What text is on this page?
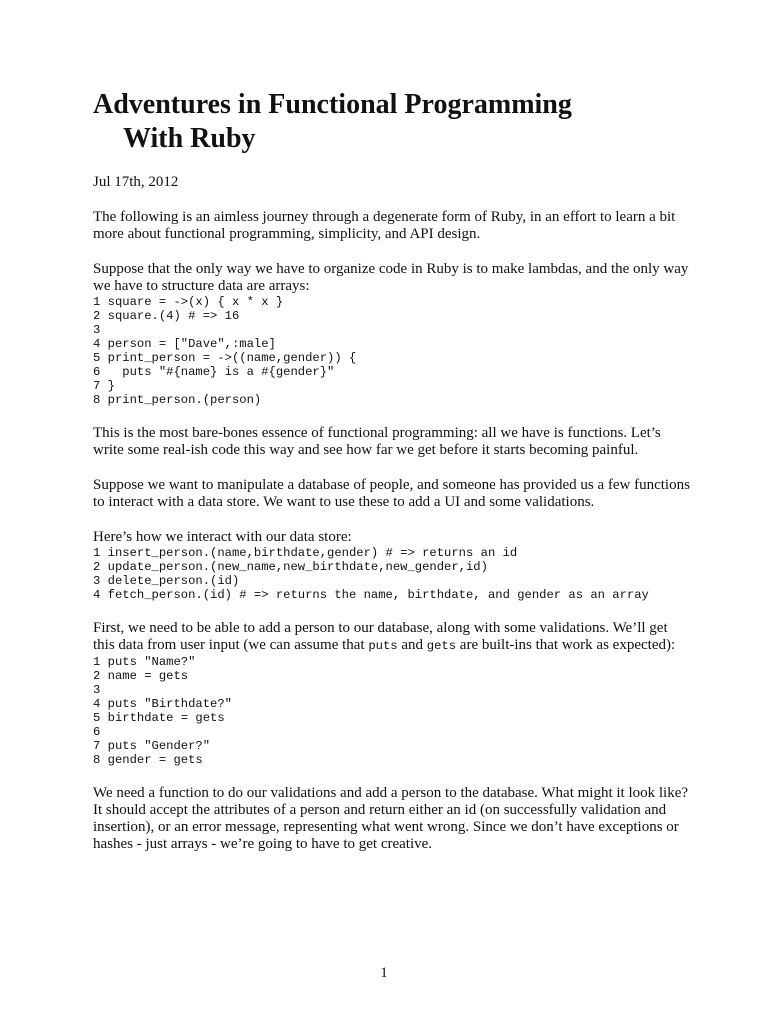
Adventures in Functional Programming
With Ruby
Jul 17th, 2012

The following is an aimless journey through a degenerate form of Ruby, in an effort to learn a bit more about functional programming, simplicity, and API design.

Suppose that the only way we have to organize code in Ruby is to make lambdas, and the only way we have to structure data are arrays:

1 square = ->(x) { x * x }
2 square.(4) # => 16
3
4 person = ["Dave",:male]
5 print_person = ->((name,gender)) {
6   puts "#{name} is a #{gender}"
7 }
8 print_person.(person)

This is the most bare-bones essence of functional programming: all we have is functions. Let’s write some real-ish code this way and see how far we get before it starts becoming painful.

Suppose we want to manipulate a database of people, and someone has provided us a few functions to interact with a data store. We want to use these to add a UI and some validations.

Here’s how we interact with our data store:

1 insert_person.(name,birthdate,gender) # => returns an id
2 update_person.(new_name,new_birthdate,new_gender,id)
3 delete_person.(id)
4 fetch_person.(id) # => returns the name, birthdate, and gender as an array

First, we need to be able to add a person to our database, along with some validations. We’ll get this data from user input (we can assume that puts and gets are built-ins that work as expected):

1 puts "Name?"
2 name = gets
3
4 puts "Birthdate?"
5 birthdate = gets
6
7 puts "Gender?"
8 gender = gets

We need a function to do our validations and add a person to the database. What might it look like? It should accept the attributes of a person and return either an id (on successfully validation and insertion), or an error message, representing what went wrong. Since we don’t have exceptions or hashes - just arrays - we’re going to have to get creative.

1
